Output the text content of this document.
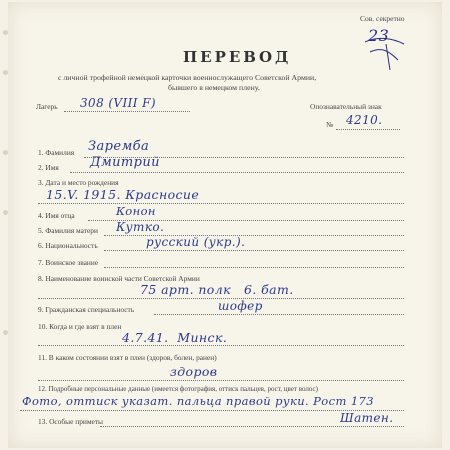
Сов. секретно
23
ПЕРЕВОД
с личной трофейной немецкой карточки военнослужащего Советской Армии,
бывшего в немецком плену.
Лагерь 308 (VIII F)	Опознавательный знак
№ 4210.
1. Фамилия Заремба
2. Имя Дмитрий
3. Дата и место рождения
15.V. 1915. Красносие
4. Имя отца	Конон
5. Фамилия матери Кутко.
6. Национальность	русский (укр.).
7. Воинское звание
8. Наименование воинской части Советской Армии
75 арт. полк   6. бат.
9. Гражданская специальность	шофер
10. Когда и где взят в плен
4.7.41.  Минск.
11. В каком состоянии взят в плен (здоров, болен, ранен)
здоров
12. Подробные персональные данные (имеется фотография, оттиск пальцев, рост, цвет волос)
Фото, оттиск указат. пальца правой руки. Рост 173
13. Особые приметы	Шатен.
